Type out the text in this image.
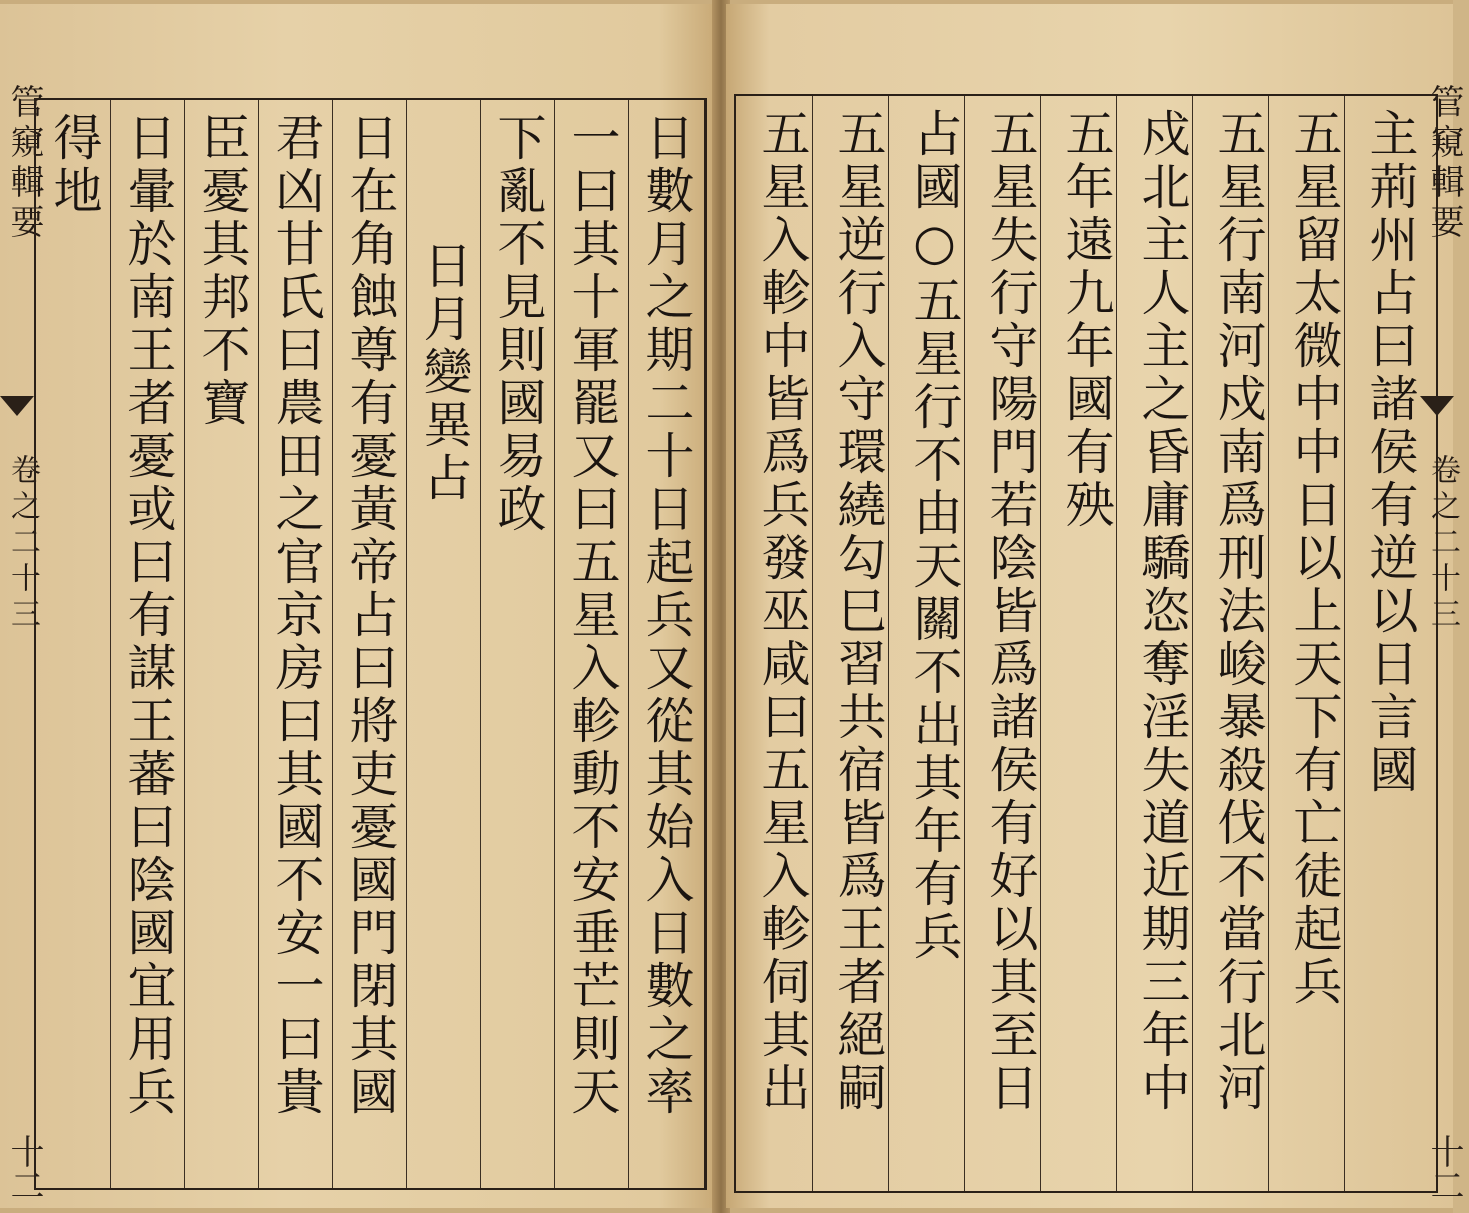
管窺輯要
卷之二十三
十二
日數月之期二十日起兵又從其始入日數之率
一曰其十軍罷又曰五星入軫動不安垂芒則天
下亂不見則國易政
日月變異占
日在角蝕尊有憂黃帝占曰將吏憂國門閉其國
君凶甘氏曰農田之官京房曰其國不安一曰貴
臣憂其邦不寶
日暈於南王者憂或曰有謀王蕃曰陰國宜用兵
得地	主荊州占曰諸侯有逆以日言國
五星留太微中中日以上天下有亡徒起兵
五星行南河戍南爲刑法峻暴殺伐不當行北河
戍北主人主之昏庸驕恣奪淫失道近期三年中
五年遠九年國有殃
五星失行守陽門若陰皆爲諸侯有好以其至日
占國○五星行不由天關不出其年有兵
五星逆行入守環繞勾巳習共宿皆爲王者絕嗣
五星入軫中皆爲兵發巫咸曰五星入軫伺其出	管窺輯要
卷之二十三
十二
